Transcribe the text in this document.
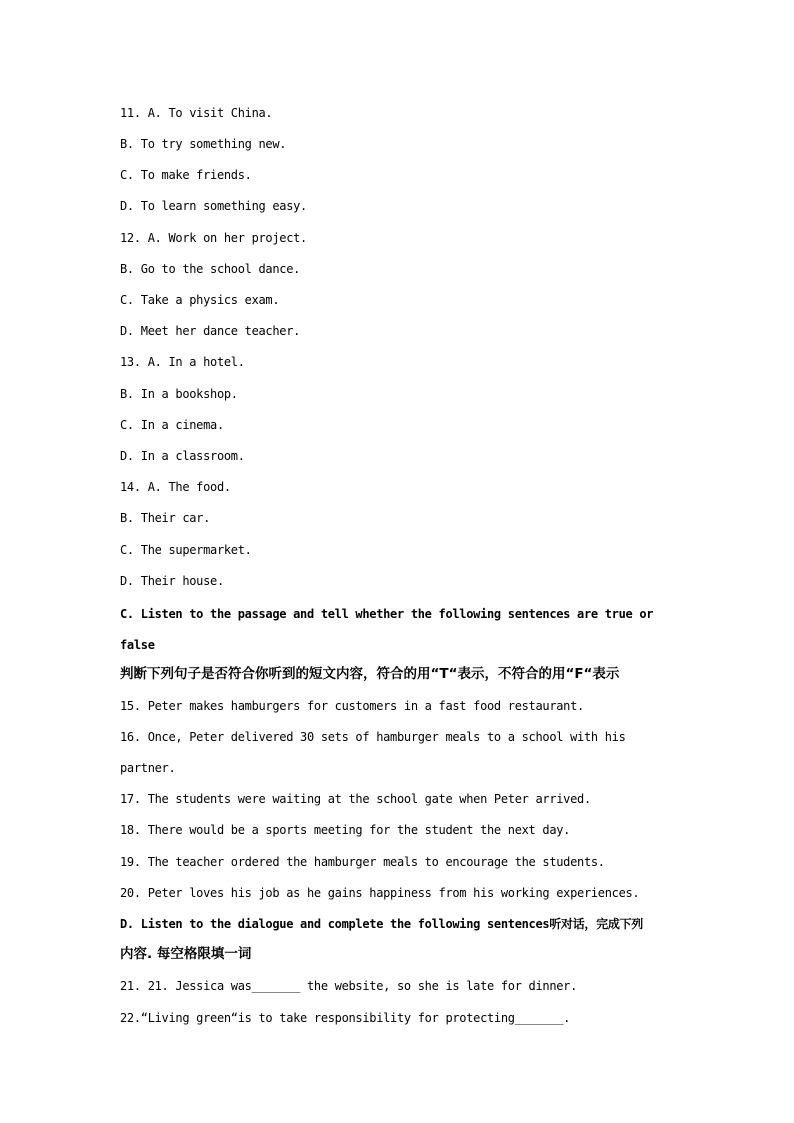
11. A. To visit China.
B. To try something new.
C. To make friends.
D. To learn something easy.
12. A. Work on her project.
B. Go to the school dance.
C. Take a physics exam.
D. Meet her dance teacher.
13. A. In a hotel.
B. In a bookshop.
C. In a cinema.
D. In a classroom.
14. A. The food.
B. Their car.
C. The supermarket.
D. Their house.
C. Listen to the passage and tell whether the following sentences are true or
false
判断下列句子是否符合你听到的短文内容，符合的用“T“表示，不符合的用“F“表示
15. Peter makes hamburgers for customers in a fast food restaurant.
16. Once, Peter delivered 30 sets of hamburger meals to a school with his
partner.
17. The students were waiting at the school gate when Peter arrived.
18. There would be a sports meeting for the student the next day.
19. The teacher ordered the hamburger meals to encourage the students.
20. Peter loves his job as he gains happiness from his working experiences.
D. Listen to the dialogue and complete the following sentences听对话，完成下列
内容. 每空格限填一词
21. 21. Jessica was_______ the website, so she is late for dinner.
22.“Living green“is to take responsibility for protecting_______.
